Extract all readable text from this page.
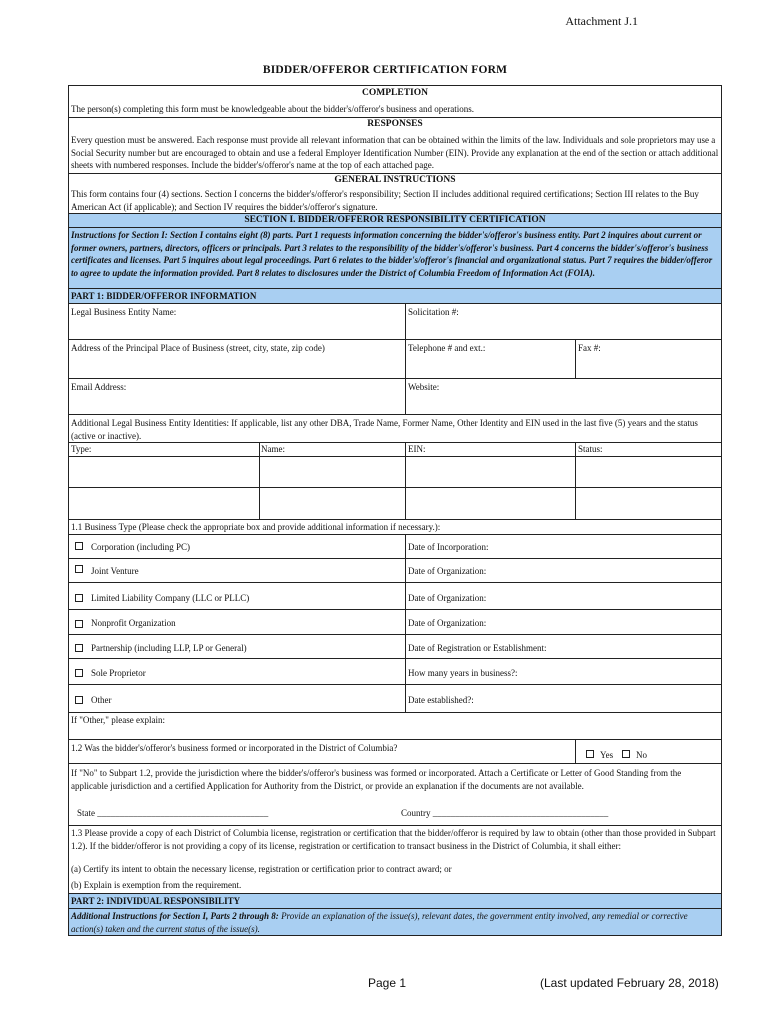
Attachment J.1
BIDDER/OFFEROR CERTIFICATION FORM
COMPLETION
The person(s) completing this form must be knowledgeable about the bidder's/offeror's business and operations.
RESPONSES
Every question must be answered. Each response must provide all relevant information that can be obtained within the limits of the law. Individuals and sole proprietors may use a Social Security number but are encouraged to obtain and use a federal Employer Identification Number (EIN). Provide any explanation at the end of the section or attach additional sheets with numbered responses. Include the bidder's/offeror's name at the top of each attached page.
GENERAL INSTRUCTIONS
This form contains four (4) sections. Section I concerns the bidder's/offeror's responsibility; Section II includes additional required certifications; Section III relates to the Buy American Act (if applicable); and Section IV requires the bidder's/offeror's signature.
SECTION I. BIDDER/OFFEROR RESPONSIBILITY CERTIFICATION
Instructions for Section I: Section I contains eight (8) parts. Part 1 requests information concerning the bidder's/offeror's business entity. Part 2 inquires about current or former owners, partners, directors, officers or principals. Part 3 relates to the responsibility of the bidder's/offeror's business. Part 4 concerns the bidder's/offeror's business certificates and licenses. Part 5 inquires about legal proceedings. Part 6 relates to the bidder's/offeror's financial and organizational status. Part 7 requires the bidder/offeror to agree to update the information provided. Part 8 relates to disclosures under the District of Columbia Freedom of Information Act (FOIA).
PART 1: BIDDER/OFFEROR INFORMATION
Legal Business Entity Name:	Solicitation #:
Address of the Principal Place of Business (street, city, state, zip code)	Telephone # and ext.:	Fax #:
Email Address:	Website:
Additional Legal Business Entity Identities: If applicable, list any other DBA, Trade Name, Former Name, Other Identity and EIN used in the last five (5) years and the status (active or inactive).
Type:	Name:	EIN:	Status:
1.1 Business Type (Please check the appropriate box and provide additional information if necessary.):
Corporation (including PC)	Date of Incorporation:
Joint Venture	Date of Organization:
Limited Liability Company (LLC or PLLC)	Date of Organization:
Nonprofit Organization	Date of Organization:
Partnership (including LLP, LP or General)	Date of Registration or Establishment:
Sole Proprietor	How many years in business?:
Other	Date established?:
If "Other," please explain:
1.2 Was the bidder's/offeror's business formed or incorporated in the District of Columbia?
Yes	No
If "No" to Subpart 1.2, provide the jurisdiction where the bidder's/offeror's business was formed or incorporated. Attach a Certificate or Letter of Good Standing from the applicable jurisdiction and a certified Application for Authority from the District, or provide an explanation if the documents are not available.
State ______________________________________	Country _______________________________________
1.3 Please provide a copy of each District of Columbia license, registration or certification that the bidder/offeror is required by law to obtain (other than those provided in Subpart 1.2). If the bidder/offeror is not providing a copy of its license, registration or certification to transact business in the District of Columbia, it shall either:
(a) Certify its intent to obtain the necessary license, registration or certification prior to contract award; or
(b) Explain is exemption from the requirement.
PART 2: INDIVIDUAL RESPONSIBILITY
Additional Instructions for Section I, Parts 2 through 8: Provide an explanation of the issue(s), relevant dates, the government entity involved, any remedial or corrective action(s) taken and the current status of the issue(s).
Page 1	(Last updated February 28, 2018)
